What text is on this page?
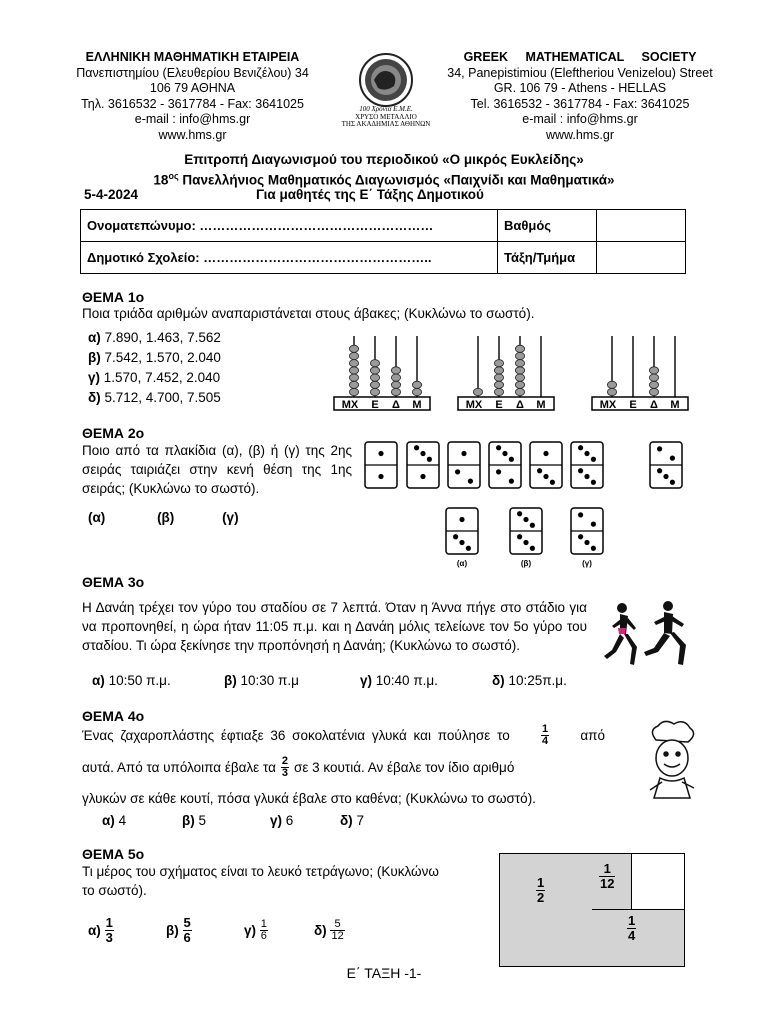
ΕΛΛΗΝΙΚΗ ΜΑΘΗΜΑΤΙΚΗ ΕΤΑΙΡΕΙΑ
Πανεπιστημίου (Ελευθερίου Βενιζέλου) 34
106 79 ΑΘΗΝΑ
Τηλ. 3616532 - 3617784 - Fax: 3641025
e-mail : info@hms.gr
www.hms.gr
100 Χρόνια Ε.Μ.Ε.
ΧΡΥΣΟ ΜΕΤΑΛΛΙΟ
ΤΗΣ ΑΚΑΔΗΜΙΑΣ ΑΘΗΝΩΝ
GREEK MATHEMATICAL SOCIETY
34, Panepistimiou (Eleftheriou Venizelou) Street
GR. 106 79 - Athens - HELLAS
Tel. 3616532 - 3617784 - Fax: 3641025
e-mail : info@hms.gr
www.hms.gr
Επιτροπή Διαγωνισμού του περιοδικού «Ο μικρός Ευκλείδης»
$18^{o\varsigma}$ Πανελλήνιος Μαθηματικός Διαγωνισμός «Παιχνίδι και Μαθηματικά»
5-4-2024	Για μαθητές της Ε΄ Τάξης Δημοτικού
Ονοματεπώνυμο: ………………………………………………	Βαθμός	
Δημοτικό Σχολείο: ……………………………………………..	Τάξη/Τμήμα	
ΘΕΜΑ 1ο
Ποια τριάδα αριθμών αναπαριστάνεται στους άβακες; (Κυκλώνω το σωστό).
α) 7.890, 1.463, 7.562
β) 7.542, 1.570, 2.040
γ) 1.570, 7.452, 2.040
δ) 5.712, 4.700, 7.505	ΜΧ Ε Δ Μ	ΜΧ Ε Δ Μ	ΜΧ Ε Δ Μ
ΘΕΜΑ 2ο
Ποιο από τα πλακίδια (α), (β) ή (γ) της 2ης σειράς ταιριάζει στην κενή θέση της 1ης σειράς; (Κυκλώνω το σωστό).
(α)	(β)	(γ)
(α)	(β)	(γ)
ΘΕΜΑ 3ο
Η Δανάη τρέχει τον γύρο του σταδίου σε 7 λεπτά. Όταν η Άννα πήγε στο στάδιο για να προπονηθεί, η ώρα ήταν 11:05 π.μ. και η Δανάη μόλις τελείωνε τον 5ο γύρο του σταδίου. Τι ώρα ξεκίνησε την προπόνησή η Δανάη; (Κυκλώνω το σωστό).
α) 10:50 π.μ.	β) 10:30 π.μ	γ) 10:40 π.μ.	δ) 10:25π.μ.
ΘΕΜΑ 4ο
Ένας ζαχαροπλάστης έφτιαξε 36 σοκολατένια γλυκά και πούλησε το	$\frac{1}{4}$ από
αυτά. Από τα υπόλοιπα έβαλε τα $\frac{2}{3}$ σε 3 κουτιά. Αν έβαλε τον ίδιο αριθμό
γλυκών σε κάθε κουτί, πόσα γλυκά έβαλε στο καθένα; (Κυκλώνω το σωστό).
α) 4	β) 5	γ) 6	δ) 7
ΘΕΜΑ 5ο
Τι μέρος του σχήματος είναι το λευκό τετράγωνο; (Κυκλώνω το σωστό).
α)
$\frac{1}{3}$	β)
$\frac{5}{6}$	γ)
$\frac{1}{6}$	δ)
$\frac{5}{12}$
$\frac{1}{2}$	$\frac{1}{12}$
$\frac{1}{4}$
Ε΄ ΤΑΞΗ -1-
